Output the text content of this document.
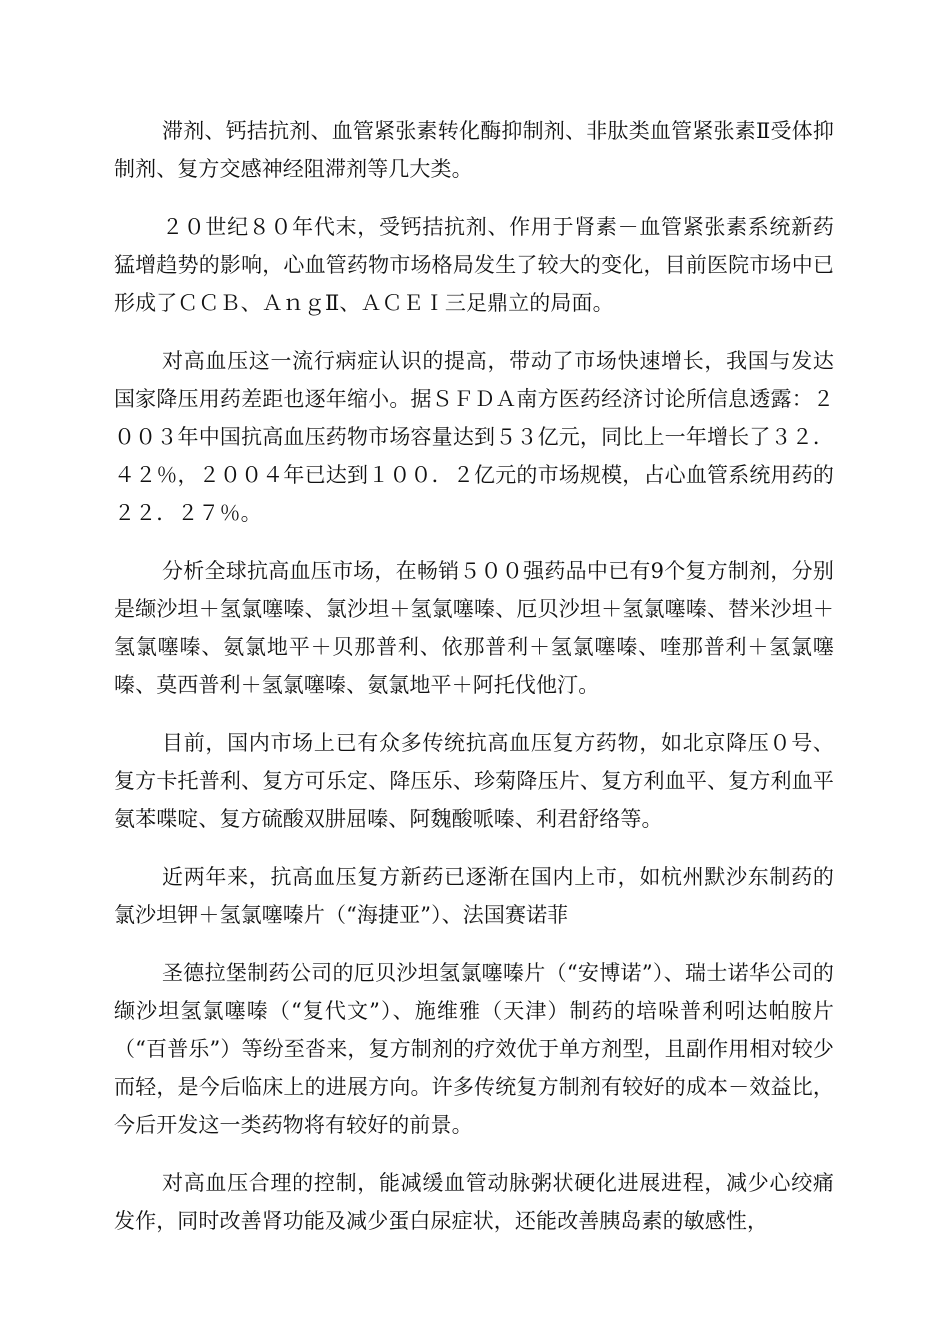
滞剂、钙拮抗剂、血管紧张素转化酶抑制剂、非肽类血管紧张素Ⅱ受体抑制剂、复方交感神经阻滞剂等几大类。

２０世纪８０年代末，受钙拮抗剂、作用于肾素－血管紧张素系统新药猛增趋势的影响，心血管药物市场格局发生了较大的变化，目前医院市场中已形成了ＣＣＢ、ＡｎｇⅡ、ＡＣＥＩ三足鼎立的局面。

对高血压这一流行病症认识的提高，带动了市场快速增长，我国与发达国家降压用药差距也逐年缩小。据ＳＦＤＡ南方医药经济讨论所信息透露：２００３年中国抗高血压药物市场容量达到５３亿元，同比上一年增长了３２．４２％，２００４年已达到１００．２亿元的市场规模，占心血管系统用药的２２．２７％。

分析全球抗高血压市场，在畅销５００强药品中已有9个复方制剂，分别是缬沙坦＋氢氯噻嗪、氯沙坦＋氢氯噻嗪、厄贝沙坦＋氢氯噻嗪、替米沙坦＋氢氯噻嗪、氨氯地平＋贝那普利、依那普利＋氢氯噻嗪、喹那普利＋氢氯噻嗪、莫西普利＋氢氯噻嗪、氨氯地平＋阿托伐他汀。

目前，国内市场上已有众多传统抗高血压复方药物，如北京降压０号、复方卡托普利、复方可乐定、降压乐、珍菊降压片、复方利血平、复方利血平氨苯喋啶、复方硫酸双肼屈嗪、阿魏酸哌嗪、利君舒络等。

近两年来，抗高血压复方新药已逐渐在国内上市，如杭州默沙东制药的氯沙坦钾＋氢氯噻嗪片（“海捷亚”）、法国赛诺菲

圣德拉堡制药公司的厄贝沙坦氢氯噻嗪片（“安博诺”）、瑞士诺华公司的缬沙坦氢氯噻嗪（“复代文”）、施维雅（天津）制药的培哚普利吲达帕胺片（“百普乐”）等纷至沓来，复方制剂的疗效优于单方剂型，且副作用相对较少而轻，是今后临床上的进展方向。许多传统复方制剂有较好的成本－效益比，今后开发这一类药物将有较好的前景。

对高血压合理的控制，能减缓血管动脉粥状硬化进展进程，减少心绞痛发作，同时改善肾功能及减少蛋白尿症状，还能改善胰岛素的敏感性，
